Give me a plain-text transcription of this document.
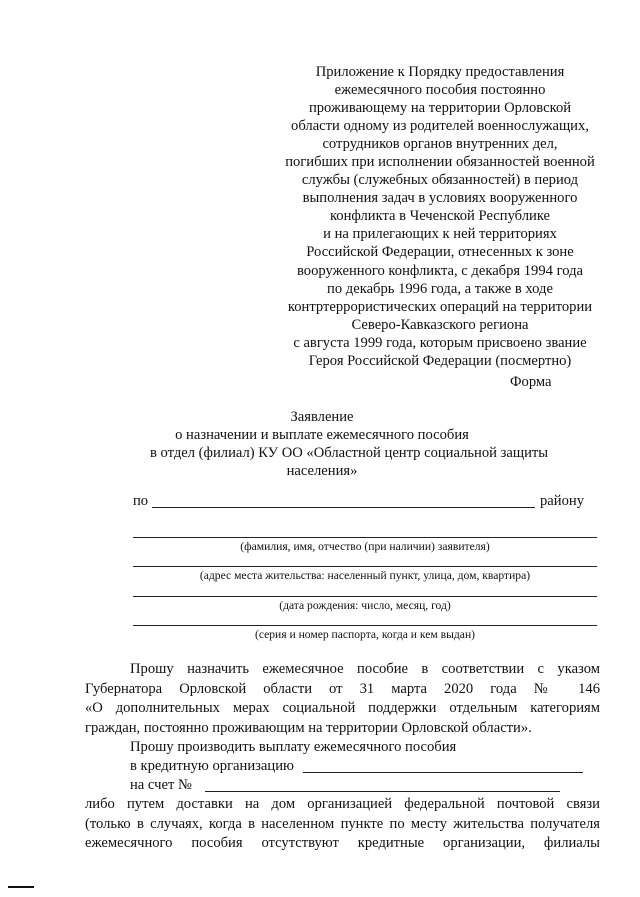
Приложение к Порядку предоставления
ежемесячного пособия постоянно
проживающему на территории Орловской
области одному из родителей военнослужащих,
сотрудников органов внутренних дел,
погибших при исполнении обязанностей военной
службы (служебных обязанностей) в период
выполнения задач в условиях вооруженного
конфликта в Чеченской Республике
и на прилегающих к ней территориях
Российской Федерации, отнесенных к зоне
вооруженного конфликта, с декабря 1994 года
по декабрь 1996 года, а также в ходе
контртеррористических операций на территории
Северо-Кавказского региона
с августа 1999 года, которым присвоено звание
Героя Российской Федерации (посмертно)
Форма
Заявление
о назначении и выплате ежемесячного пособия
в отдел (филиал) КУ ОО «Областной центр социальной защиты
населения»
по	району
(фамилия, имя, отчество (при наличии) заявителя)
(адрес места жительства: населенный пункт, улица, дом, квартира)
(дата рождения: число, месяц, год)
(серия и номер паспорта, когда и кем выдан)
Прошу назначить ежемесячное пособие в соответствии с указом
Губернатора Орловской области от 31 марта 2020 года № 146
«О дополнительных мерах социальной поддержки отдельным категориям
граждан, постоянно проживающим на территории Орловской области».
Прошу производить выплату ежемесячного пособия
в кредитную организацию
на счет №
либо путем доставки на дом организацией федеральной почтовой связи
(только в случаях, когда в населенном пункте по месту жительства получателя
ежемесячного пособия отсутствуют кредитные организации, филиалы
